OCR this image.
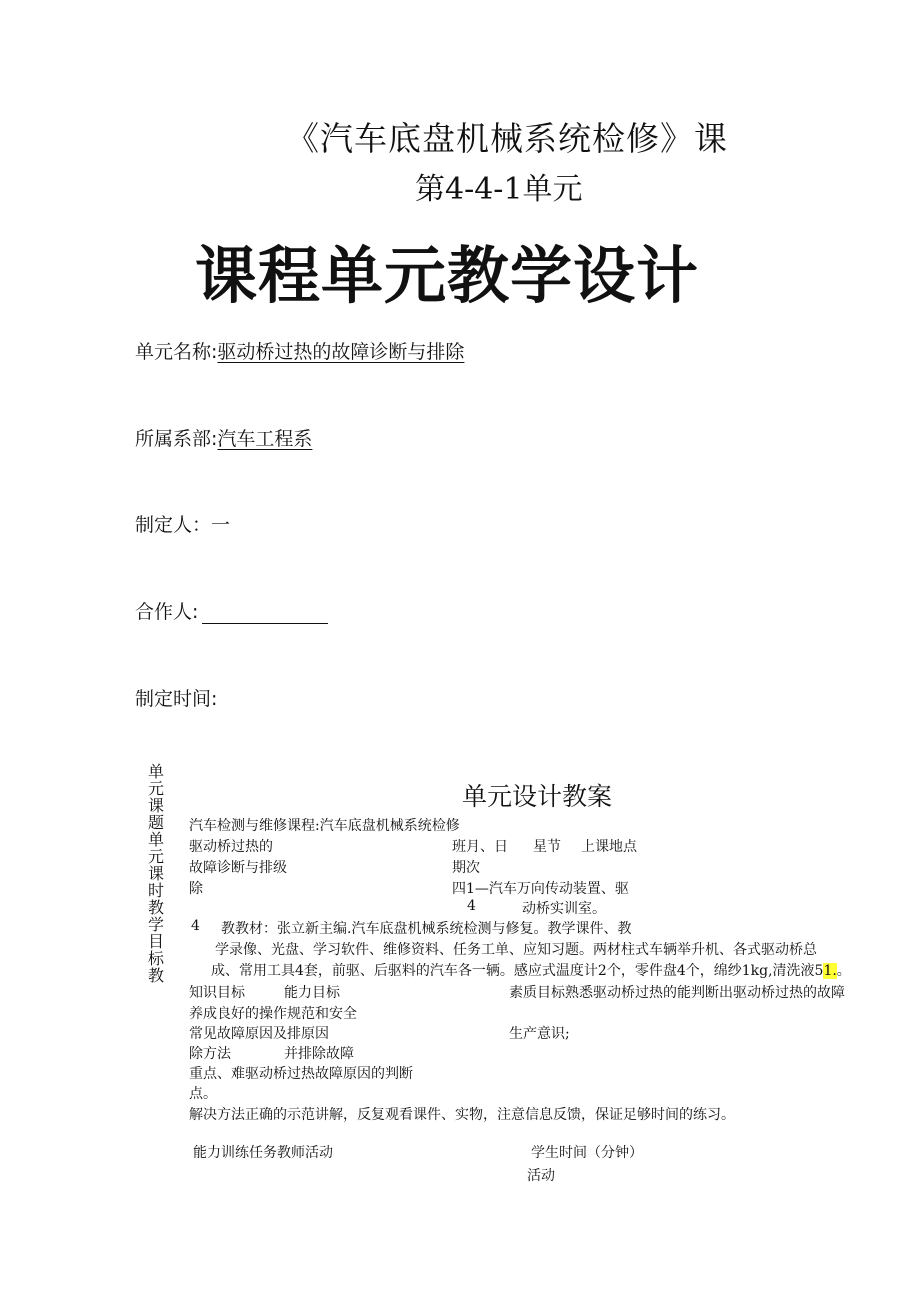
《汽车底盘机械系统检修》课
第4-4-1单元
课程单元教学设计
单元名称:驱动桥过热的故障诊断与排除
所属系部:汽车工程系
制定人：一
合作人:
制定时间:
单元课题单元课时教学目标教
单元设计教案
汽车检测与维修课程:汽车底盘机械系统检修
驱动桥过热的	班月、日 星节 上课地点
故障诊断与排级	期次
除	四1—汽车万向传动装置、驱
4	动桥实训室。
4 教教材：张立新主编.汽车底盘机械系统检测与修复。教学课件、教
学录像、光盘、学习软件、维修资料、任务工单、应知习题。两材柱式车辆举升机、各式驱动桥总
成、常用工具4套，前驱、后驱料的汽车各一辆。感应式温度计2个，零件盘4个，绵纱1kg,清洗液51.。
知识目标	能力目标	素质目标熟悉驱动桥过热的能判断出驱动桥过热的故障
养成良好的操作规范和安全
常见故障原因及排原因	生产意识;
除方法	并排除故障
重点、难驱动桥过热故障原因的判断
点。
解决方法正确的示范讲解，反复观看课件、实物，注意信息反馈，保证足够时间的练习。
能力训练任务教师活动	学生时间（分钟）
活动
